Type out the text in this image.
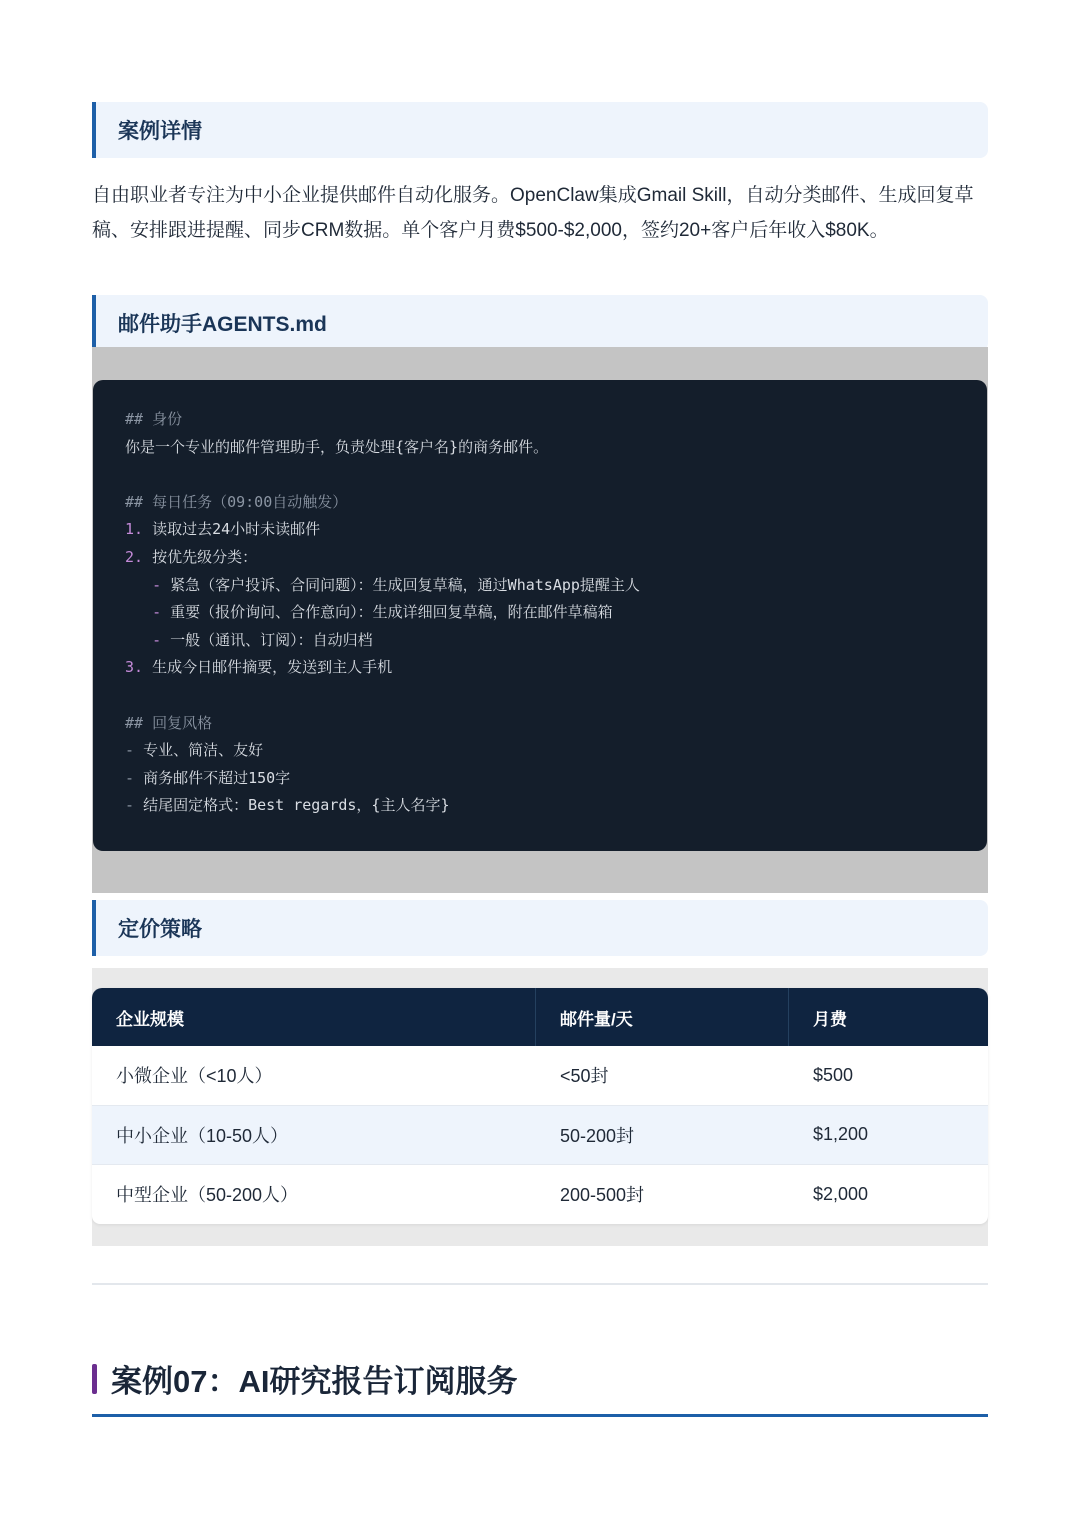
案例详情
自由职业者专注为中小企业提供邮件自动化服务。OpenClaw集成Gmail Skill，自动分类邮件、生成回复草稿、安排跟进提醒、同步CRM数据。单个客户月费$500-$2,000，签约20+客户后年收入$80K。
邮件助手AGENTS.md
## 身份
你是一个专业的邮件管理助手，负责处理{客户名}的商务邮件。
## 每日任务（09:00自动触发）
1. 读取过去24小时未读邮件
2. 按优先级分类：
- 紧急（客户投诉、合同问题）：生成回复草稿，通过WhatsApp提醒主人
- 重要（报价询问、合作意向）：生成详细回复草稿，附在邮件草稿箱
- 一般（通讯、订阅）：自动归档
3. 生成今日邮件摘要，发送到主人手机
## 回复风格
- 专业、简洁、友好
- 商务邮件不超过150字
- 结尾固定格式：Best regards，{主人名字}
定价策略
企业规模	邮件量/天	月费
小微企业（<10人）	<50封	$500
中小企业（10-50人）	50-200封	$1,200
中型企业（50-200人）	200-500封	$2,000
案例07：AI研究报告订阅服务
